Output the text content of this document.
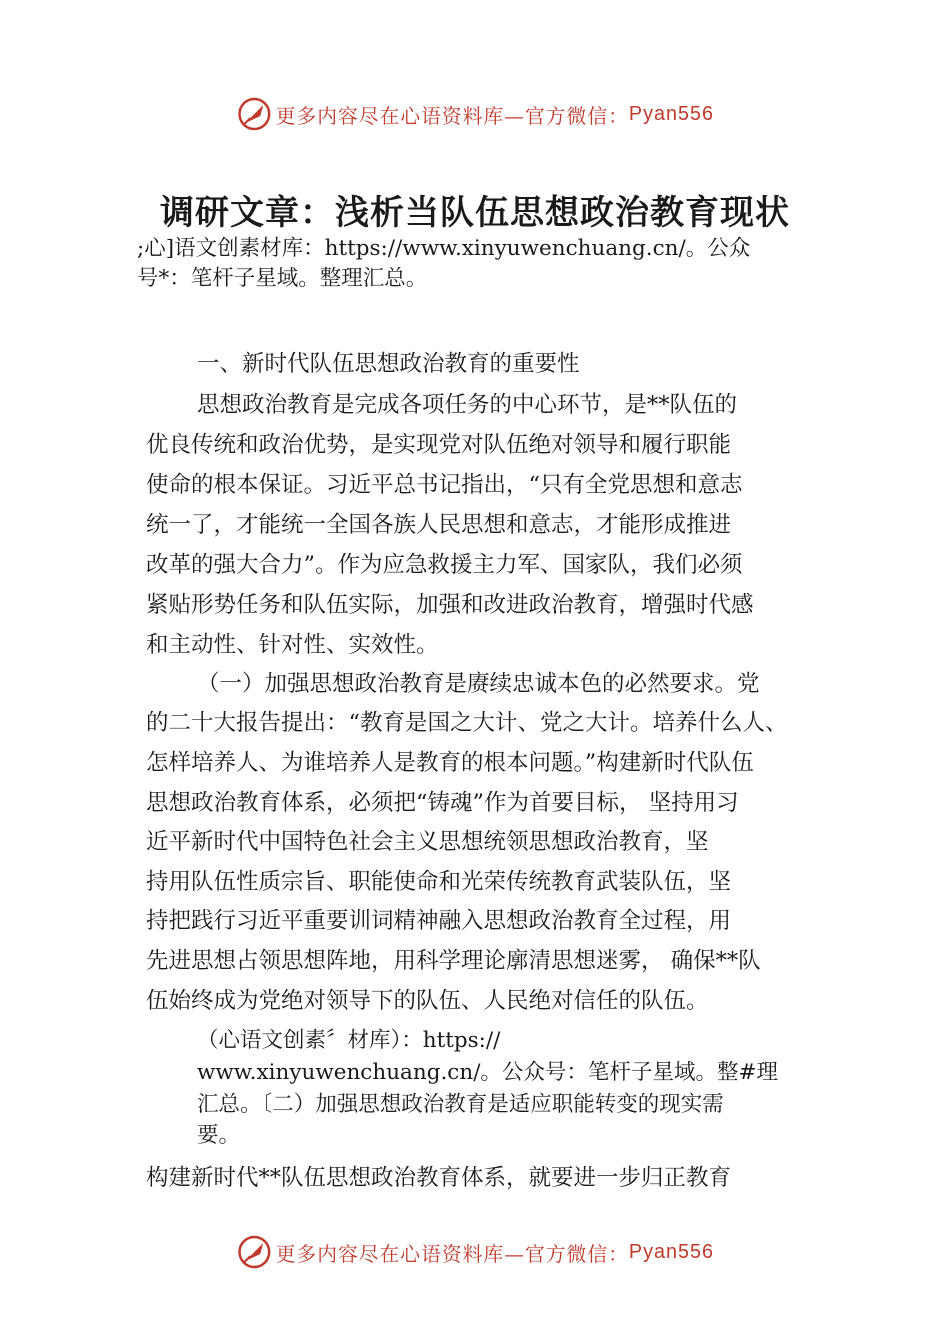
更多内容尽在心语资料库—官方微信： Pyan556
调研文章：浅析当队伍思想政治教育现状

;心]语文创素材库：https://www.xinyuwenchuang.cn/。公众

号*：笔杆子星域。整理汇总。

一、新时代队伍思想政治教育的重要性

思想政治教育是完成各项任务的中心环节，是**队伍的

优良传统和政治优势，是实现党对队伍绝对领导和履行职能

使命的根本保证。习近平总书记指出，“只有全党思想和意志

统一了，才能统一全国各族人民思想和意志，才能形成推进

改革的强大合力”。作为应急救援主力军、国家队，我们必须

紧贴形势任务和队伍实际，加强和改进政治教育，增强时代感

和主动性、针对性、实效性。

（一）加强思想政治教育是赓续忠诚本色的必然要求。党

的二十大报告提出：“教育是国之大计、党之大计。培养什么人、

怎样培养人、为谁培养人是教育的根本问题。”构建新时代队伍

思想政治教育体系，必须把“铸魂”作为首要目标， 坚持用习

近平新时代中国特色社会主义思想统领思想政治教育，坚

持用队伍性质宗旨、职能使命和光荣传统教育武装队伍，坚

持把践行习近平重要训词精神融入思想政治教育全过程，用

先进思想占领思想阵地，用科学理论廓清思想迷雾， 确保**队

伍始终成为党绝对领导下的队伍、人民绝对信任的队伍。

（心语文创素〞材库）：https://

www.xinyuwenchuang.cn/。公众号：笔杆子星域。整#理

汇总。〔二）加强思想政治教育是适应职能转变的现实需

要。

构建新时代**队伍思想政治教育体系，就要进一步归正教育

更多内容尽在心语资料库—官方微信： Pyan556
